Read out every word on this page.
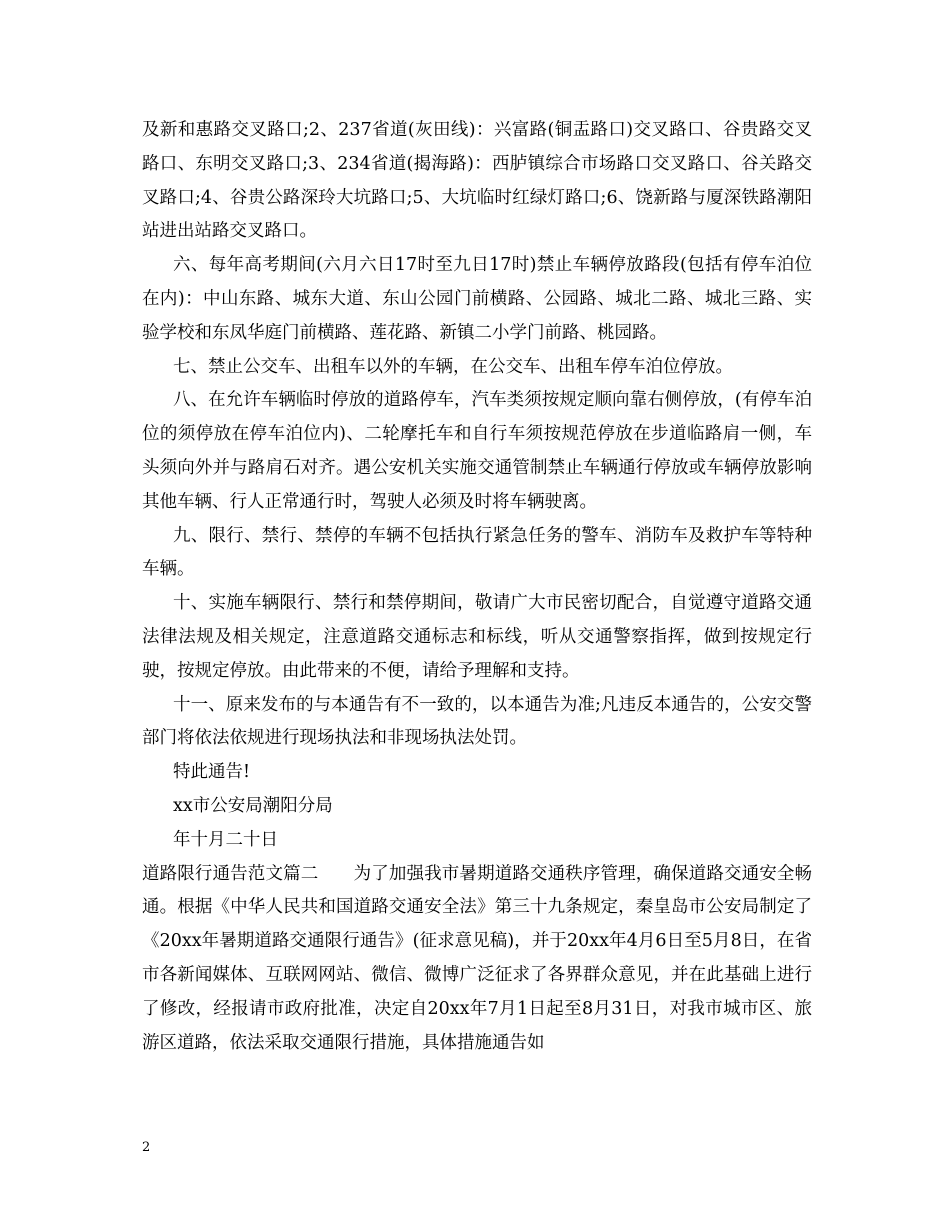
及新和惠路交叉路口;2、237省道(灰田线)：兴富路(铜盂路口)交叉路口、谷贵路交叉路口、东明交叉路口;3、234省道(揭海路)：西胪镇综合市场路口交叉路口、谷关路交叉路口;4、谷贵公路深玲大坑路口;5、大坑临时红绿灯路口;6、饶新路与厦深铁路潮阳站进出站路交叉路口。

六、每年高考期间(六月六日17时至九日17时)禁止车辆停放路段(包括有停车泊位在内)：中山东路、城东大道、东山公园门前横路、公园路、城北二路、城北三路、实验学校和东凤华庭门前横路、莲花路、新镇二小学门前路、桃园路。

七、禁止公交车、出租车以外的车辆，在公交车、出租车停车泊位停放。

八、在允许车辆临时停放的道路停车，汽车类须按规定顺向靠右侧停放，(有停车泊位的须停放在停车泊位内)、二轮摩托车和自行车须按规范停放在步道临路肩一侧，车头须向外并与路肩石对齐。遇公安机关实施交通管制禁止车辆通行停放或车辆停放影响其他车辆、行人正常通行时，驾驶人必须及时将车辆驶离。

九、限行、禁行、禁停的车辆不包括执行紧急任务的警车、消防车及救护车等特种车辆。

十、实施车辆限行、禁行和禁停期间，敬请广大市民密切配合，自觉遵守道路交通法律法规及相关规定，注意道路交通标志和标线，听从交通警察指挥，做到按规定行驶，按规定停放。由此带来的不便，请给予理解和支持。

十一、原来发布的与本通告有不一致的，以本通告为准;凡违反本通告的，公安交警部门将依法依规进行现场执法和非现场执法处罚。

特此通告!

xx市公安局潮阳分局

年十月二十日

道路限行通告范文篇二　　为了加强我市暑期道路交通秩序管理，确保道路交通安全畅通。根据《中华人民共和国道路交通安全法》第三十九条规定，秦皇岛市公安局制定了《20xx年暑期道路交通限行通告》(征求意见稿)，并于20xx年4月6日至5月8日，在省市各新闻媒体、互联网网站、微信、微博广泛征求了各界群众意见，并在此基础上进行了修改，经报请市政府批准，决定自20xx年7月1日起至8月31日，对我市城市区、旅游区道路，依法采取交通限行措施，具体措施通告如

2
